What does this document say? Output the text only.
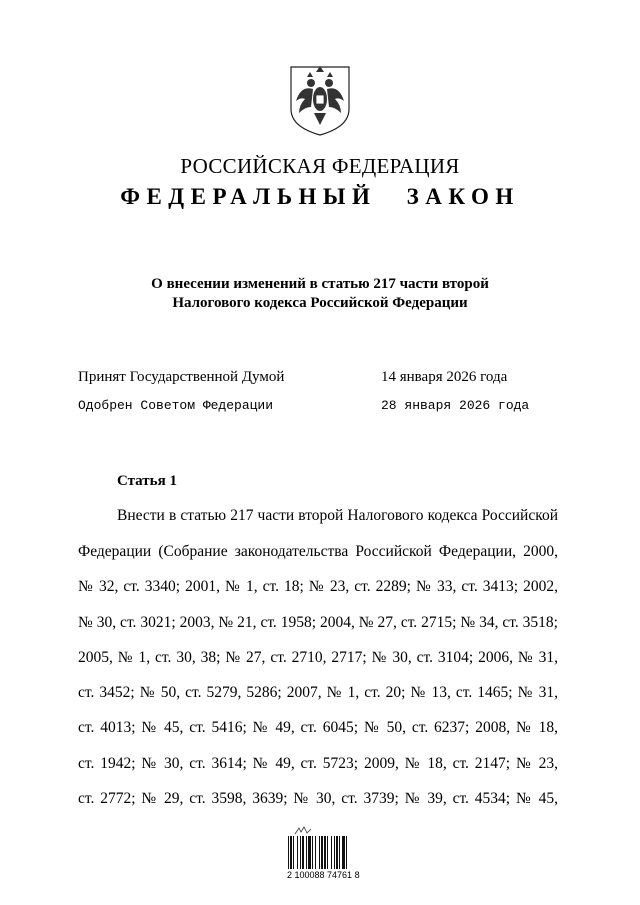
РОССИЙСКАЯ ФЕДЕРАЦИЯ
ФЕДЕРАЛЬНЫЙ ЗАКОН
О внесении изменений в статью 217 части второй
Налогового кодекса Российской Федерации
Принят Государственной Думой	14 января 2026 года
Одобрен Советом Федерации	28 января 2026 года
Статья 1
Внести в статью 217 части второй Налогового кодекса Российской
Федерации (Собрание законодательства Российской Федерации, 2000,
№ 32, ст. 3340; 2001, № 1, ст. 18; № 23, ст. 2289; № 33, ст. 3413; 2002,
№ 30, ст. 3021; 2003, № 21, ст. 1958; 2004, № 27, ст. 2715; № 34, ст. 3518;
2005, № 1, ст. 30, 38; № 27, ст. 2710, 2717; № 30, ст. 3104; 2006, № 31,
ст. 3452; № 50, ст. 5279, 5286; 2007, № 1, ст. 20; № 13, ст. 1465; № 31,
ст. 4013; № 45, ст. 5416; № 49, ст. 6045; № 50, ст. 6237; 2008, № 18,
ст. 1942; № 30, ст. 3614; № 49, ст. 5723; 2009, № 18, ст. 2147; № 23,
ст. 2772; № 29, ст. 3598, 3639; № 30, ст. 3739; № 39, ст. 4534; № 45,
2 100088 74761 8
